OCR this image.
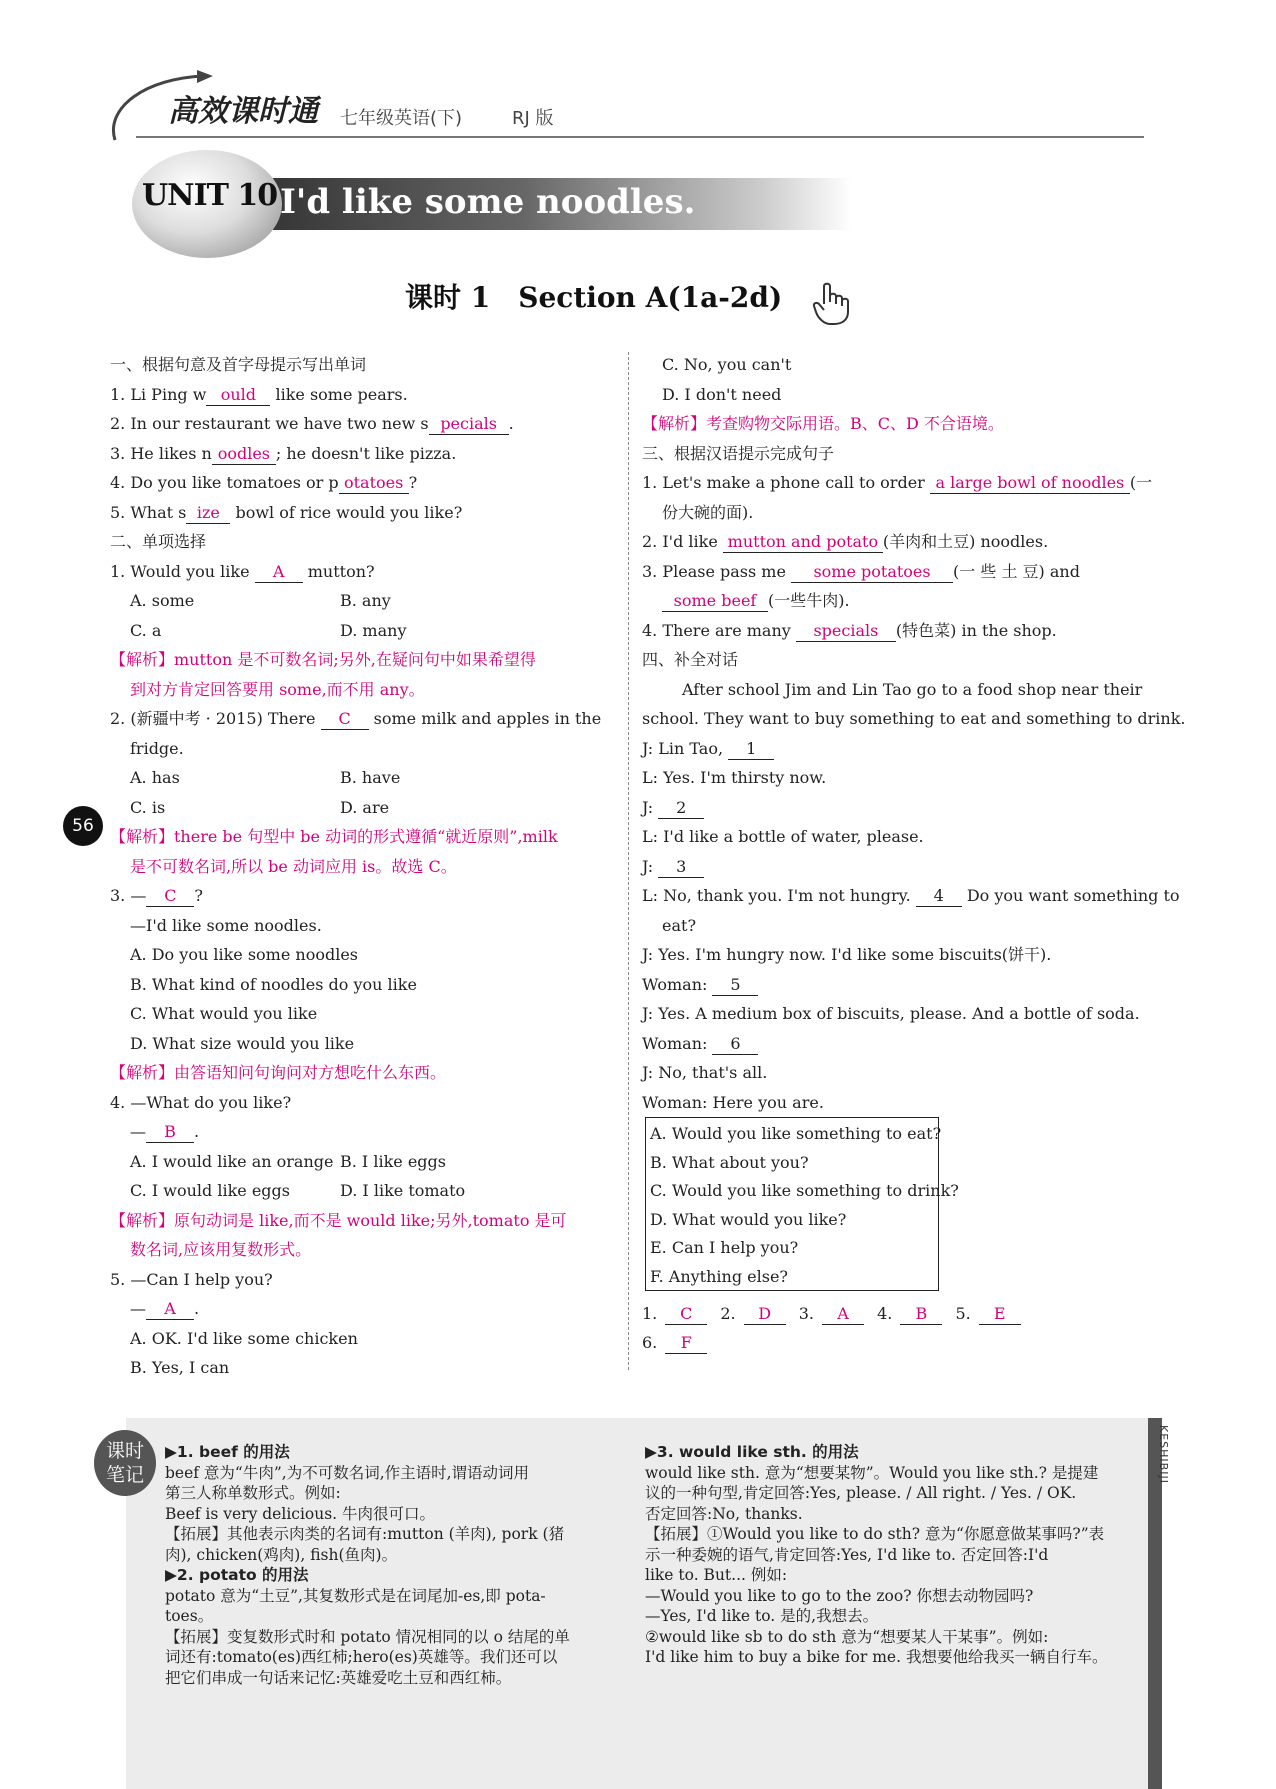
高效课时通 七年级英语(下)	RJ 版
UNIT 10 I'd like some noodles.
课时 1　Section A(1a-2d)
56
一、根据句意及首字母提示写出单词
1. Li Ping w ould like some pears.
2. In our restaurant we have two new s pecials .
3. He likes n oodles ; he doesn't like pizza.
4. Do you like tomatoes or p otatoes ?
5. What s ize bowl of rice would you like?
二、单项选择
1. Would you like A mutton?
A. some	B. any
C. a	D. many
【解析】mutton 是不可数名词;另外,在疑问句中如果希望得
到对方肯定回答要用 some,而不用 any。
2. (新疆中考 · 2015) There C some milk and apples in the
fridge.
A. has	B. have
C. is	D. are
【解析】there be 句型中 be 动词的形式遵循“就近原则”,milk
是不可数名词,所以 be 动词应用 is。故选 C。
3. — C ?
—I'd like some noodles.
A. Do you like some noodles
B. What kind of noodles do you like
C. What would you like
D. What size would you like
【解析】由答语知问句询问对方想吃什么东西。
4. —What do you like?
— B .
A. I would like an orange B. I like eggs
C. I would like eggs	D. I like tomato
【解析】原句动词是 like,而不是 would like;另外,tomato 是可
数名词,应该用复数形式。
5. —Can I help you?
— A .
A. OK. I'd like some chicken
B. Yes, I can
C. No, you can't
D. I don't need
【解析】考查购物交际用语。B、C、D 不合语境。
三、根据汉语提示完成句子
1. Let's make a phone call to order a large bowl of noodles (一
份大碗的面).
2. I'd like mutton and potato (羊肉和土豆) noodles.
3. Please pass me some potatoes (一 些 土 豆) and
some beef (一些牛肉).
4. There are many specials (特色菜) in the shop.
四、补全对话
After school Jim and Lin Tao go to a food shop near their
school. They want to buy something to eat and something to drink.
J: Lin Tao, 1
L: Yes. I'm thirsty now.
J: 2
L: I'd like a bottle of water, please.
J: 3
L: No, thank you. I'm not hungry. 4 Do you want something to
eat?
J: Yes. I'm hungry now. I'd like some biscuits(饼干).
Woman: 5
J: Yes. A medium box of biscuits, please. And a bottle of soda.
Woman: 6
J: No, that's all.
Woman: Here you are.
A. Would you like something to eat?
B. What about you?
C. Would you like something to drink?
D. What would you like?
E. Can I help you?
F. Anything else?
1. C 2. D 3. A 4. B 5. E
6. F
KESHIBIJI
课时
笔记
▶1. beef 的用法
beef 意为“牛肉”,为不可数名词,作主语时,谓语动词用
第三人称单数形式。例如:
Beef is very delicious. 牛肉很可口。
【拓展】其他表示肉类的名词有:mutton (羊肉), pork (猪
肉), chicken(鸡肉), fish(鱼肉)。
▶2. potato 的用法
potato 意为“土豆”,其复数形式是在词尾加-es,即 pota-
toes。
【拓展】变复数形式时和 potato 情况相同的以 o 结尾的单
词还有:tomato(es)西红柿;hero(es)英雄等。我们还可以
把它们串成一句话来记忆:英雄爱吃土豆和西红柿。
▶3. would like sth. 的用法
would like sth. 意为“想要某物”。Would you like sth.? 是提建
议的一种句型,肯定回答:Yes, please. / All right. / Yes. / OK.
否定回答:No, thanks.
【拓展】①Would you like to do sth? 意为“你愿意做某事吗?”表
示一种委婉的语气,肯定回答:Yes, I'd like to. 否定回答:I'd
like to. But... 例如:
—Would you like to go to the zoo? 你想去动物园吗?
—Yes, I'd like to. 是的,我想去。
②would like sb to do sth 意为“想要某人干某事”。例如:
I'd like him to buy a bike for me. 我想要他给我买一辆自行车。
